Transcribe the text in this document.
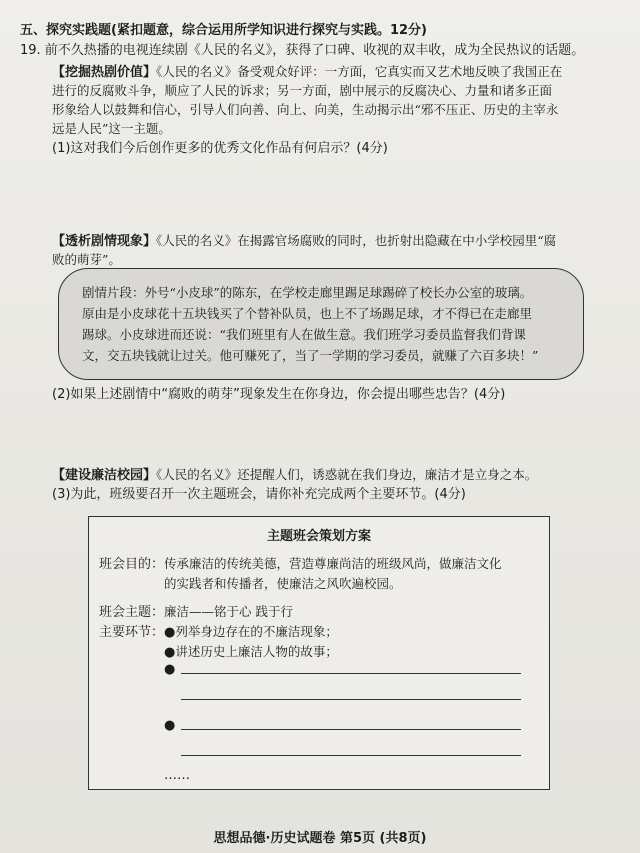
五、探究实践题(紧扣题意，综合运用所学知识进行探究与实践。12分)
19. 前不久热播的电视连续剧《人民的名义》，获得了口碑、收视的双丰收，成为全民热议的话题。
【挖掘热剧价值】《人民的名义》备受观众好评：一方面，它真实而又艺术地反映了我国正在
进行的反腐败斗争，顺应了人民的诉求；另一方面，剧中展示的反腐决心、力量和诸多正面
形象给人以鼓舞和信心，引导人们向善、向上、向美，生动揭示出“邪不压正、历史的主宰永
远是人民”这一主题。
(1)这对我们今后创作更多的优秀文化作品有何启示？(4分)
【透析剧情现象】《人民的名义》在揭露官场腐败的同时，也折射出隐藏在中小学校园里“腐
败的萌芽”。
剧情片段：外号“小皮球”的陈东，在学校走廊里踢足球踢碎了校长办公室的玻璃。
原由是小皮球花十五块钱买了个替补队员，也上不了场踢足球，才不得已在走廊里
踢球。小皮球进而还说：“我们班里有人在做生意。我们班学习委员监督我们背课
文，交五块钱就让过关。他可赚死了，当了一学期的学习委员，就赚了六百多块！”
(2)如果上述剧情中“腐败的萌芽”现象发生在你身边，你会提出哪些忠告？(4分)
【建设廉洁校园】《人民的名义》还提醒人们，诱惑就在我们身边，廉洁才是立身之本。
(3)为此，班级要召开一次主题班会，请你补充完成两个主要环节。(4分)
主题班会策划方案
班会目的：传承廉洁的传统美德，营造尊廉尚洁的班级风尚，做廉洁文化
的实践者和传播者，使廉洁之风吹遍校园。
班会主题：廉洁——铭于心 践于行
主要环节：●列举身边存在的不廉洁现象；
●讲述历史上廉洁人物的故事；
●
●
……
思想品德·历史试题卷 第5页 (共8页)
